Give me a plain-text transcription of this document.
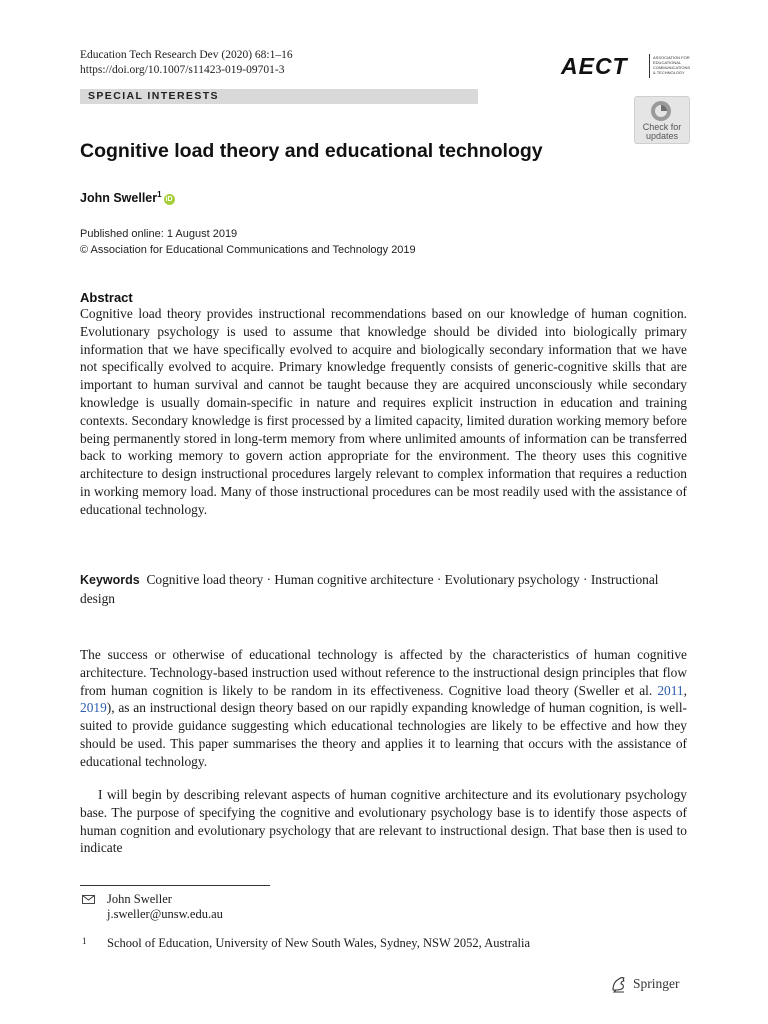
Education Tech Research Dev (2020) 68:1–16
https://doi.org/10.1007/s11423-019-09701-3	AECT	ASSOCIATION FOR EDUCATIONAL COMMUNICATIONS & TECHNOLOGY
SPECIAL INTERESTS
Check for updates
Cognitive load theory and educational technology
John Sweller$^1$iD
Published online: 1 August 2019
© Association for Educational Communications and Technology 2019
Abstract
Cognitive load theory provides instructional recommendations based on our knowledge of human cognition. Evolutionary psychology is used to assume that knowledge should be divided into biologically primary information that we have specifically evolved to acquire and biologically secondary information that we have not specifically evolved to acquire. Primary knowledge frequently consists of generic-cognitive skills that are important to human survival and cannot be taught because they are acquired unconsciously while secondary knowledge is usually domain-specific in nature and requires explicit instruction in education and training contexts. Secondary knowledge is first processed by a limited capacity, limited duration working memory before being permanently stored in long-term memory from where unlimited amounts of information can be transferred back to working memory to govern action appropriate for the environment. The theory uses this cognitive architecture to design instructional procedures largely relevant to complex information that requires a reduction in working memory load. Many of those instructional procedures can be most readily used with the assistance of educational technology.
Keywords Cognitive load theory · Human cognitive architecture · Evolutionary psychology · Instructional design
The success or otherwise of educational technology is affected by the characteristics of human cognitive architecture. Technology-based instruction used without reference to the instructional design principles that flow from human cognition is likely to be random in its effectiveness. Cognitive load theory (Sweller et al. 2011, 2019), as an instructional design theory based on our rapidly expanding knowledge of human cognition, is well-suited to provide guidance suggesting which educational technologies are likely to be effective and how they should be used. This paper summarises the theory and applies it to learning that occurs with the assistance of educational technology.
I will begin by describing relevant aspects of human cognitive architecture and its evolutionary psychology base. The purpose of specifying the cognitive and evolutionary psychology base is to identify those aspects of human cognition and evolutionary psychology that are relevant to instructional design. That base then is used to indicate
John Sweller
j.sweller@unsw.edu.au
1 School of Education, University of New South Wales, Sydney, NSW 2052, Australia
Springer
